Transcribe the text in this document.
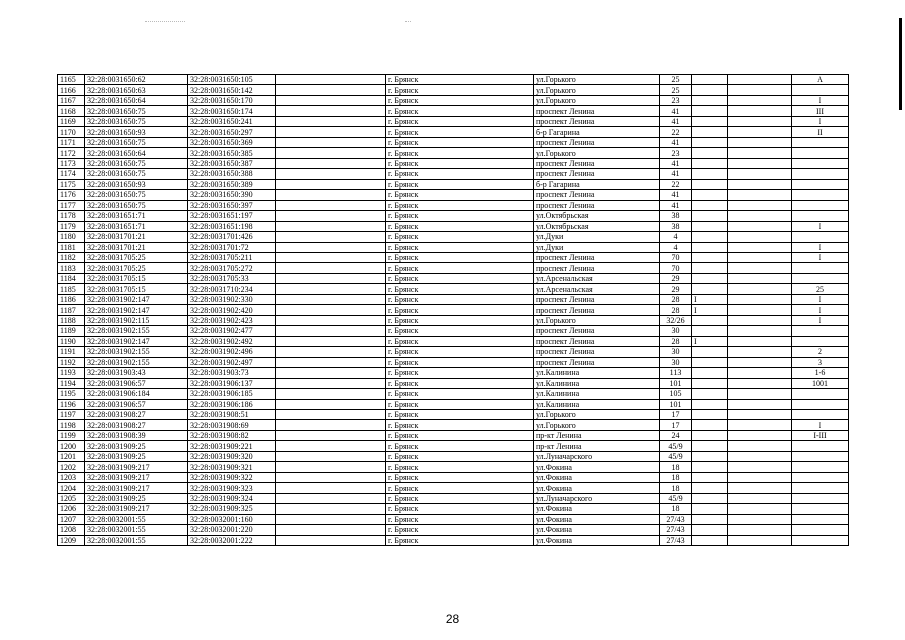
1165	32:28:0031650:62	32:28:0031650:105		г. Брянск	ул.Горького	25			А
1166	32:28:0031650:63	32:28:0031650:142		г. Брянск	ул.Горького	25			
1167	32:28:0031650:64	32:28:0031650:170		г. Брянск	ул.Горького	23			I
1168	32:28:0031650:75	32:28:0031650:174		г. Брянск	проспект Ленина	41			III
1169	32:28:0031650:75	32:28:0031650:241		г. Брянск	проспект Ленина	41			I
1170	32:28:0031650:93	32:28:0031650:297		г. Брянск	б-р Гагарина	22			II
1171	32:28:0031650:75	32:28:0031650:369		г. Брянск	проспект Ленина	41			
1172	32:28:0031650:64	32:28:0031650:385		г. Брянск	ул.Горького	23			
1173	32:28:0031650:75	32:28:0031650:387		г. Брянск	проспект Ленина	41			
1174	32:28:0031650:75	32:28:0031650:388		г. Брянск	проспект Ленина	41			
1175	32:28:0031650:93	32:28:0031650:389		г. Брянск	б-р Гагарина	22			
1176	32:28:0031650:75	32:28:0031650:390		г. Брянск	проспект Ленина	41			
1177	32:28:0031650:75	32:28:0031650:397		г. Брянск	проспект Ленина	41			
1178	32:28:0031651:71	32:28:0031651:197		г. Брянск	ул.Октябрьская	38			
1179	32:28:0031651:71	32:28:0031651:198		г. Брянск	ул.Октябрьская	38			I
1180	32:28:0031701:21	32:28:0031701:426		г. Брянск	ул.Дуки	4			
1181	32:28:0031701:21	32:28:0031701:72		г. Брянск	ул.Дуки	4			I
1182	32:28:0031705:25	32:28:0031705:211		г. Брянск	проспект Ленина	70			I
1183	32:28:0031705:25	32:28:0031705:272		г. Брянск	проспект Ленина	70			
1184	32:28:0031705:15	32:28:0031705:33		г. Брянск	ул.Арсенальская	29			
1185	32:28:0031705:15	32:28:0031710:234		г. Брянск	ул.Арсенальская	29			25
1186	32:28:0031902:147	32:28:0031902:330		г. Брянск	проспект Ленина	28	I		I
1187	32:28:0031902:147	32:28:0031902:420		г. Брянск	проспект Ленина	28	I		I
1188	32:28:0031902:115	32:28:0031902:423		г. Брянск	ул.Горького	32/26			I
1189	32:28:0031902:155	32:28:0031902:477		г. Брянск	проспект Ленина	30			
1190	32:28:0031902:147	32:28:0031902:492		г. Брянск	проспект Ленина	28	I		
1191	32:28:0031902:155	32:28:0031902:496		г. Брянск	проспект Ленина	30			2
1192	32:28:0031902:155	32:28:0031902:497		г. Брянск	проспект Ленина	30			3
1193	32:28:0031903:43	32:28:0031903:73		г. Брянск	ул.Калинина	113			1-6
1194	32:28:0031906:57	32:28:0031906:137		г. Брянск	ул.Калинина	101			1001
1195	32:28:0031906:184	32:28:0031906:185		г. Брянск	ул.Калинина	105			
1196	32:28:0031906:57	32:28:0031906:186		г. Брянск	ул.Калинина	101			
1197	32:28:0031908:27	32:28:0031908:51		г. Брянск	ул.Горького	17			
1198	32:28:0031908:27	32:28:0031908:69		г. Брянск	ул.Горького	17			I
1199	32:28:0031908:39	32:28:0031908:82		г. Брянск	пр-кт Ленина	24			I-III
1200	32:28:0031909:25	32:28:0031909:221		г. Брянск	пр-кт Ленина	45/9			
1201	32:28:0031909:25	32:28:0031909:320		г. Брянск	ул.Луначарского	45/9			
1202	32:28:0031909:217	32:28:0031909:321		г. Брянск	ул.Фокина	18			
1203	32:28:0031909:217	32:28:0031909:322		г. Брянск	ул.Фокина	18			
1204	32:28:0031909:217	32:28:0031909:323		г. Брянск	ул.Фокина	18			
1205	32:28:0031909:25	32:28:0031909:324		г. Брянск	ул.Луначарского	45/9			
1206	32:28:0031909:217	32:28:0031909:325		г. Брянск	ул.Фокина	18			
1207	32:28:0032001:55	32:28:0032001:160		г. Брянск	ул.Фокина	27/43			
1208	32:28:0032001:55	32:28:0032001:220		г. Брянск	ул.Фокина	27/43			
1209	32:28:0032001:55	32:28:0032001:222		г. Брянск	ул.Фокина	27/43			
28
